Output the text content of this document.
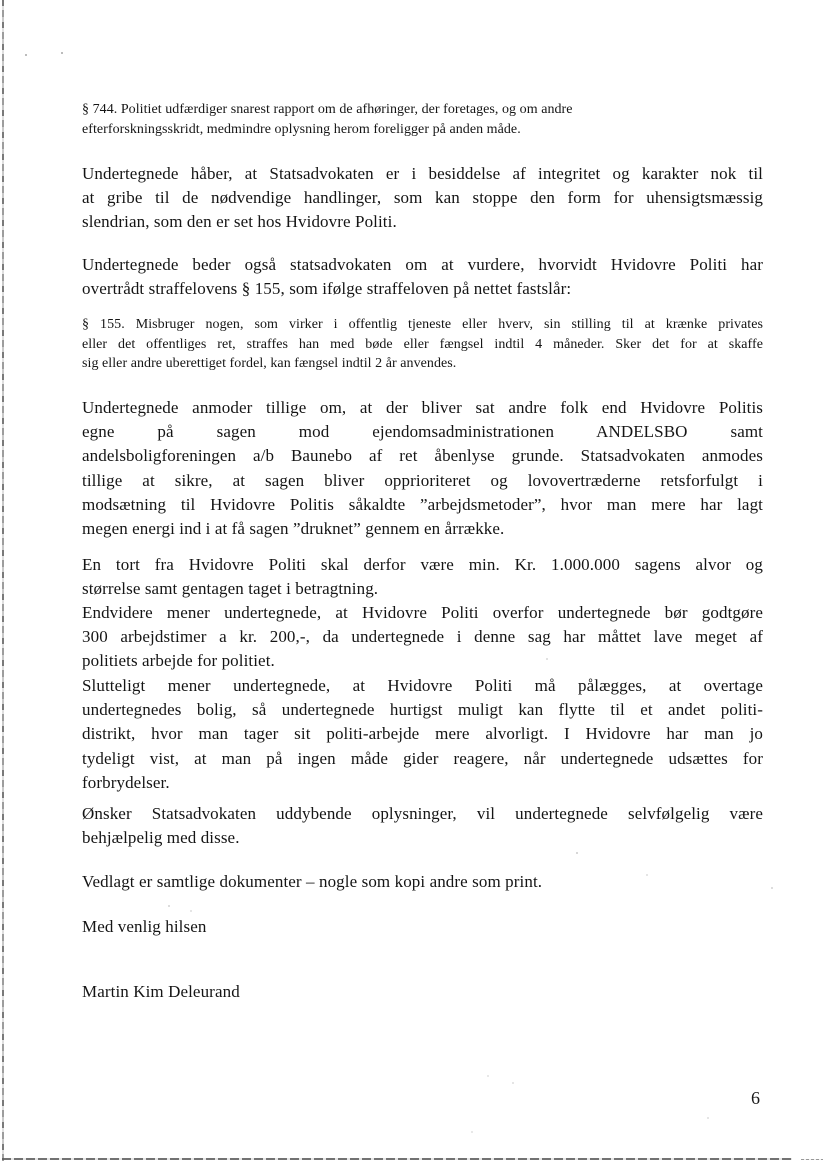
§ 744. Politiet udfærdiger snarest rapport om de afhøringer, der foretages, og om andre
efterforskningsskridt, medmindre oplysning herom foreligger på anden måde.
Undertegnede håber, at Statsadvokaten er i besiddelse af integritet og karakter nok til
at gribe til de nødvendige handlinger, som kan stoppe den form for uhensigtsmæssig
slendrian, som den er set hos Hvidovre Politi.
Undertegnede beder også statsadvokaten om at vurdere, hvorvidt Hvidovre Politi har
overtrådt straffelovens § 155, som ifølge straffeloven på nettet fastslår:
§ 155. Misbruger nogen, som virker i offentlig tjeneste eller hverv, sin stilling til at krænke privates
eller det offentliges ret, straffes han med bøde eller fængsel indtil 4 måneder. Sker det for at skaffe
sig eller andre uberettiget fordel, kan fængsel indtil 2 år anvendes.
Undertegnede anmoder tillige om, at der bliver sat andre folk end Hvidovre Politis
egne på sagen mod ejendomsadministrationen ANDELSBO samt
andelsboligforeningen a/b Baunebo af ret åbenlyse grunde. Statsadvokaten anmodes
tillige at sikre, at sagen bliver opprioriteret og lovovertræderne retsforfulgt i
modsætning til Hvidovre Politis såkaldte ”arbejdsmetoder”, hvor man mere har lagt
megen energi ind i at få sagen ”druknet” gennem en årrække.
En tort fra Hvidovre Politi skal derfor være min. Kr. 1.000.000 sagens alvor og
størrelse samt gentagen taget i betragtning.
Endvidere mener undertegnede, at Hvidovre Politi overfor undertegnede bør godtgøre
300 arbejdstimer a kr. 200,-, da undertegnede i denne sag har måttet lave meget af
politiets arbejde for politiet.
Slutteligt mener undertegnede, at Hvidovre Politi må pålægges, at overtage
undertegnedes bolig, så undertegnede hurtigst muligt kan flytte til et andet politi-
distrikt, hvor man tager sit politi-arbejde mere alvorligt. I Hvidovre har man jo
tydeligt vist, at man på ingen måde gider reagere, når undertegnede udsættes for
forbrydelser.
Ønsker Statsadvokaten uddybende oplysninger, vil undertegnede selvfølgelig være
behjælpelig med disse.
Vedlagt er samtlige dokumenter – nogle som kopi andre som print.
Med venlig hilsen
Martin Kim Deleurand
6
